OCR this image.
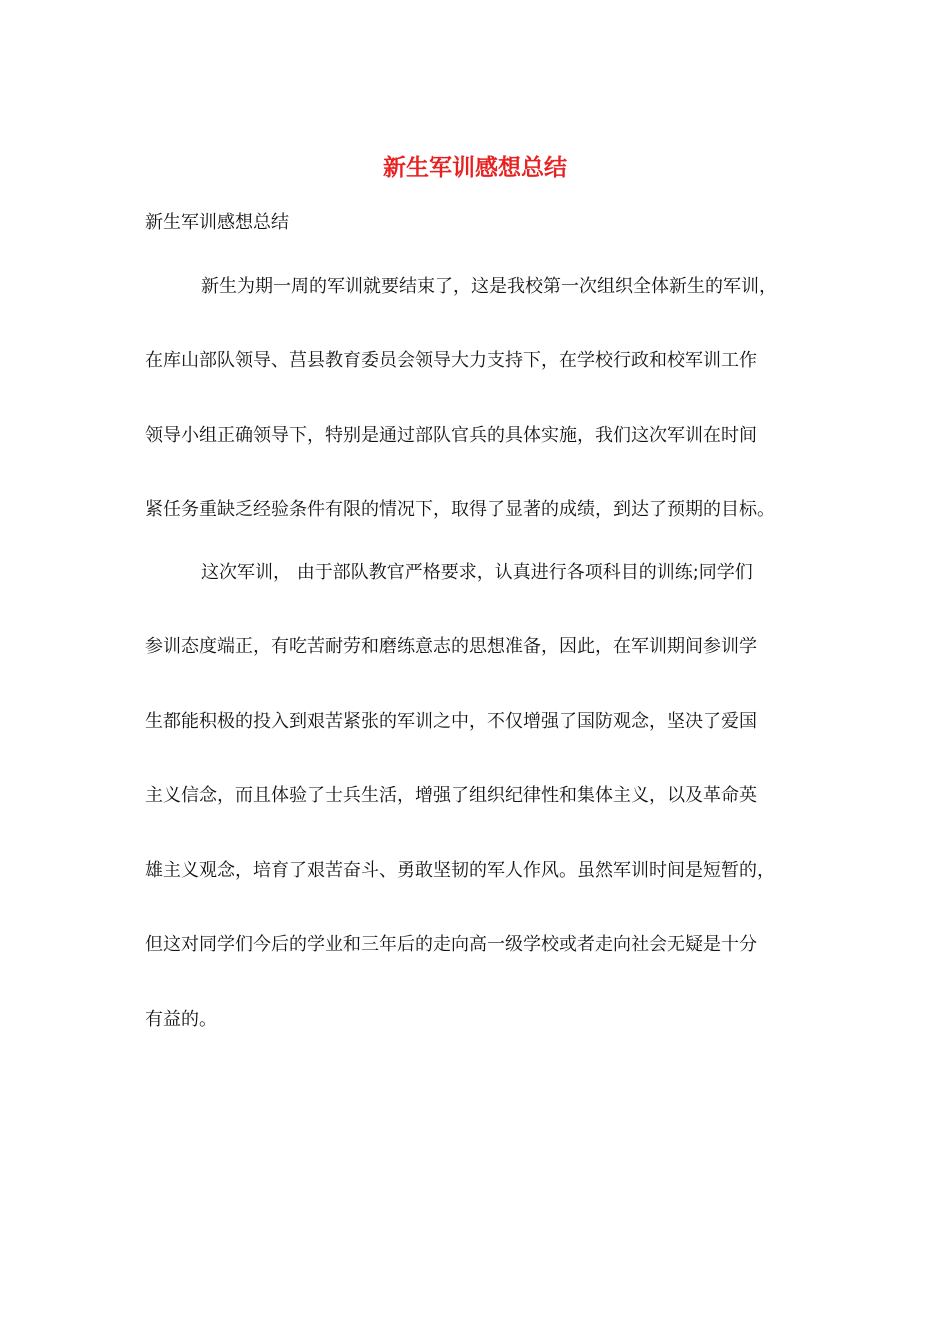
新生军训感想总结

新生军训感想总结

新生为期一周的军训就要结束了，这是我校第一次组织全体新生的军训，

在库山部队领导、莒县教育委员会领导大力支持下，在学校行政和校军训工作

领导小组正确领导下，特别是通过部队官兵的具体实施，我们这次军训在时间

紧任务重缺乏经验条件有限的情况下，取得了显著的成绩，到达了预期的目标。

这次军训， 由于部队教官严格要求，认真进行各项科目的训练;同学们

参训态度端正，有吃苦耐劳和磨练意志的思想准备，因此，在军训期间参训学

生都能积极的投入到艰苦紧张的军训之中，不仅增强了国防观念，坚决了爱国

主义信念，而且体验了士兵生活，增强了组织纪律性和集体主义，以及革命英

雄主义观念，培育了艰苦奋斗、勇敢坚韧的军人作风。虽然军训时间是短暂的，

但这对同学们今后的学业和三年后的走向高一级学校或者走向社会无疑是十分

有益的。
